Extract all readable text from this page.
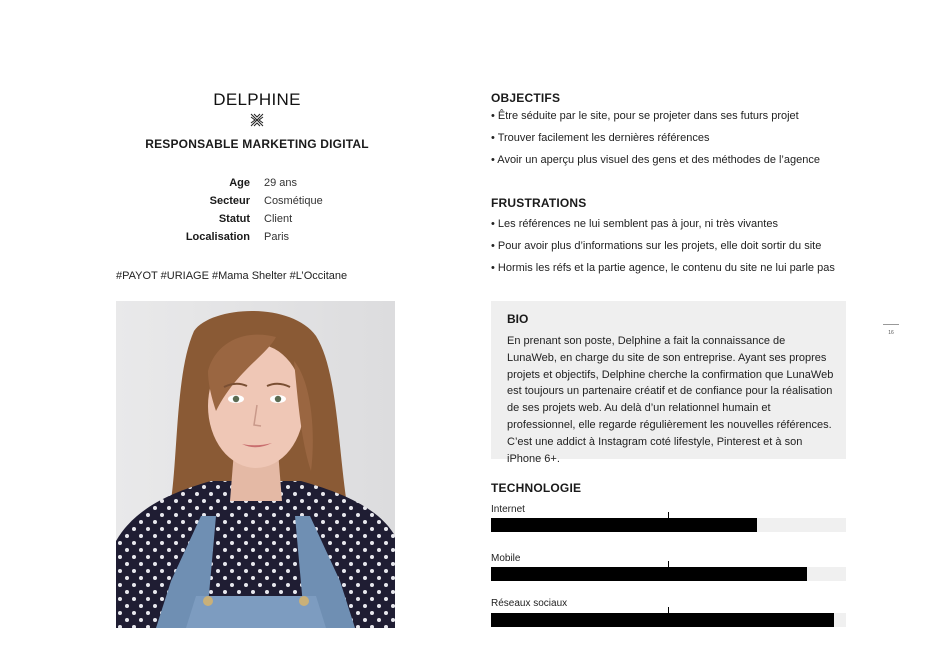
DELPHINE
RESPONSABLE MARKETING DIGITAL
Age 29 ans
Secteur Cosmétique
Statut Client
Localisation Paris
#PAYOT #URIAGE #Mama Shelter #L’Occitane
OBJECTIFS
• Être séduite par le site, pour se projeter dans ses futurs projet
• Trouver facilement les dernières références
• Avoir un aperçu plus visuel des gens et des méthodes de l’agence
FRUSTRATIONS
• Les références ne lui semblent pas à jour, ni très vivantes
• Pour avoir plus d’informations sur les projets, elle doit sortir du site
• Hormis les réfs et la partie agence, le contenu du site ne lui parle pas
BIO
En prenant son poste, Delphine a fait la connaissance de LunaWeb, en charge du site de son entreprise. Ayant ses propres projets et objectifs, Delphine cherche la confirmation que LunaWeb est toujours un partenaire créatif et de confiance pour la réalisation de ses projets web. Au delà d’un relationnel humain et professionnel, elle regarde régulièrement les nouvelles références. C’est une addict à Instagram coté lifestyle, Pinterest et à son iPhone 6+.
TECHNOLOGIE
Internet
Mobile
Réseaux sociaux
16
